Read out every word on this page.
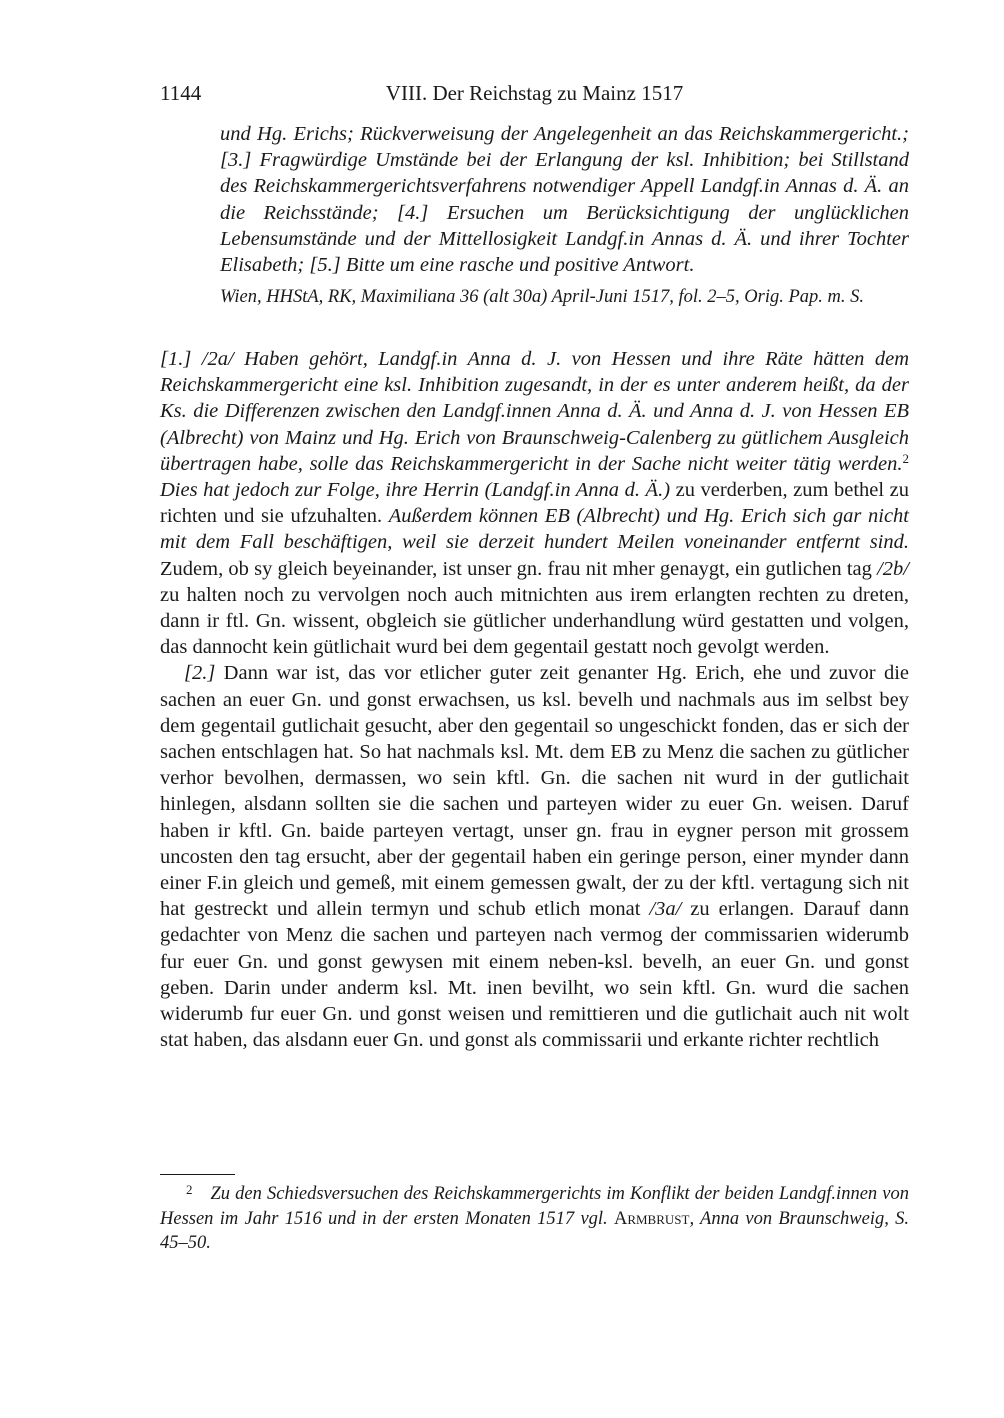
1144	VIII. Der Reichstag zu Mainz 1517

und Hg. Erichs; Rückverweisung der Angelegenheit an das Reichskammergericht.; [3.] Fragwürdige Umstände bei der Erlangung der ksl. Inhibition; bei Stillstand des Reichskammergerichtsverfahrens notwendiger Appell Landgf.in Annas d. Ä. an die Reichsstände; [4.] Ersuchen um Berücksichtigung der unglücklichen Lebensumstände und der Mittellosigkeit Landgf.in Annas d. Ä. und ihrer Tochter Elisabeth; [5.] Bitte um eine rasche und positive Antwort.

Wien, HHStA, RK, Maximiliana 36 (alt 30a) April-Juni 1517, fol. 2–5, Orig. Pap. m. S.

[1.] /2a/ Haben gehört, Landgf.in Anna d. J. von Hessen und ihre Räte hätten dem Reichskammergericht eine ksl. Inhibition zugesandt, in der es unter anderem heißt, da der Ks. die Differenzen zwischen den Landgf.innen Anna d. Ä. und Anna d. J. von Hessen EB (Albrecht) von Mainz und Hg. Erich von Braunschweig-Calenberg zu gütlichem Ausgleich übertragen habe, solle das Reichskammergericht in der Sache nicht weiter tätig werden.$^2$ Dies hat jedoch zur Folge, ihre Herrin (Landgf.in Anna d. Ä.) zu verderben, zum bethel zu richten und sie ufzuhalten. Außerdem können EB (Albrecht) und Hg. Erich sich gar nicht mit dem Fall beschäftigen, weil sie derzeit hundert Meilen voneinander entfernt sind. Zudem, ob sy gleich beyeinander, ist unser gn. frau nit mher genaygt, ein gutlichen tag /2b/ zu halten noch zu vervolgen noch auch mitnichten aus irem erlangten rechten zu dreten, dann ir ftl. Gn. wissent, obgleich sie gütlicher underhandlung würd gestatten und volgen, das dannocht kein gütlichait wurd bei dem gegentail gestatt noch gevolgt werden.

[2.] Dann war ist, das vor etlicher guter zeit genanter Hg. Erich, ehe und zuvor die sachen an euer Gn. und gonst erwachsen, us ksl. bevelh und nachmals aus im selbst bey dem gegentail gutlichait gesucht, aber den gegentail so ungeschickt fonden, das er sich der sachen entschlagen hat. So hat nachmals ksl. Mt. dem EB zu Menz die sachen zu gütlicher verhor bevolhen, dermassen, wo sein kftl. Gn. die sachen nit wurd in der gutlichait hinlegen, alsdann sollten sie die sachen und parteyen wider zu euer Gn. weisen. Daruf haben ir kftl. Gn. baide parteyen vertagt, unser gn. frau in eygner person mit grossem uncosten den tag ersucht, aber der gegentail haben ein geringe person, einer mynder dann einer F.in gleich und gemeß, mit einem gemessen gwalt, der zu der kftl. vertagung sich nit hat gestreckt und allein termyn und schub etlich monat /3a/ zu erlangen. Darauf dann gedachter von Menz die sachen und parteyen nach vermog der commissarien widerumb fur euer Gn. und gonst gewysen mit einem neben-ksl. bevelh, an euer Gn. und gonst geben. Darin under anderm ksl. Mt. inen bevilht, wo sein kftl. Gn. wurd die sachen widerumb fur euer Gn. und gonst weisen und remittieren und die gutlichait auch nit wolt stat haben, das alsdann euer Gn. und gonst als commissarii und erkante richter rechtlich

$^2$ Zu den Schiedsversuchen des Reichskammergerichts im Konflikt der beiden Landgf.innen von Hessen im Jahr 1516 und in der ersten Monaten 1517 vgl. Armbrust, Anna von Braunschweig, S. 45–50.
